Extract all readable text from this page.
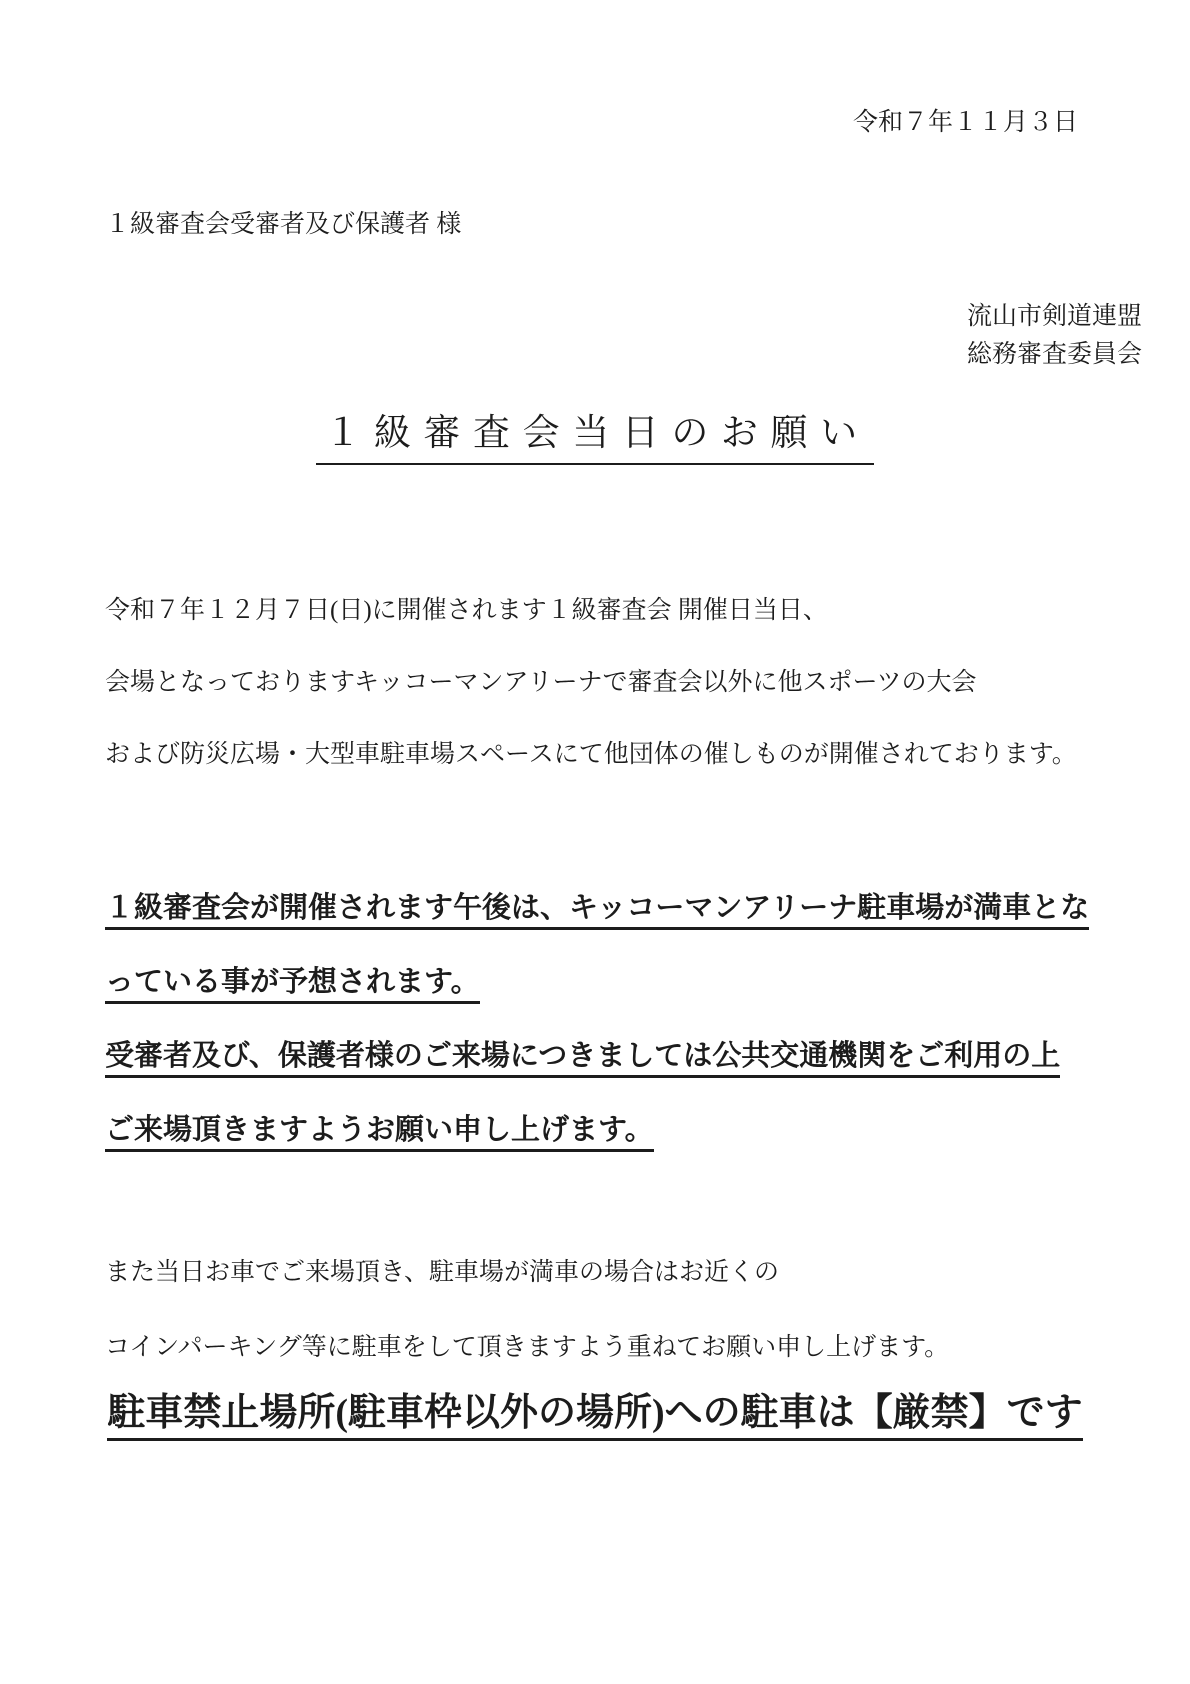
令和７年１１月３日
１級審査会受審者及び保護者 様
流山市剣道連盟
総務審査委員会
１級審査会当日のお願い
令和７年１２月７日(日)に開催されます１級審査会 開催日当日、
会場となっておりますキッコーマンアリーナで審査会以外に他スポーツの大会
および防災広場・大型車駐車場スペースにて他団体の催しものが開催されております。
１級審査会が開催されます午後は、キッコーマンアリーナ駐車場が満車とな
っている事が予想されます。
受審者及び、保護者様のご来場につきましては公共交通機関をご利用の上
ご来場頂きますようお願い申し上げます。
また当日お車でご来場頂き、駐車場が満車の場合はお近くの
コインパーキング等に駐車をして頂きますよう重ねてお願い申し上げます。
駐車禁止場所(駐車枠以外の場所)への駐車は【厳禁】です
